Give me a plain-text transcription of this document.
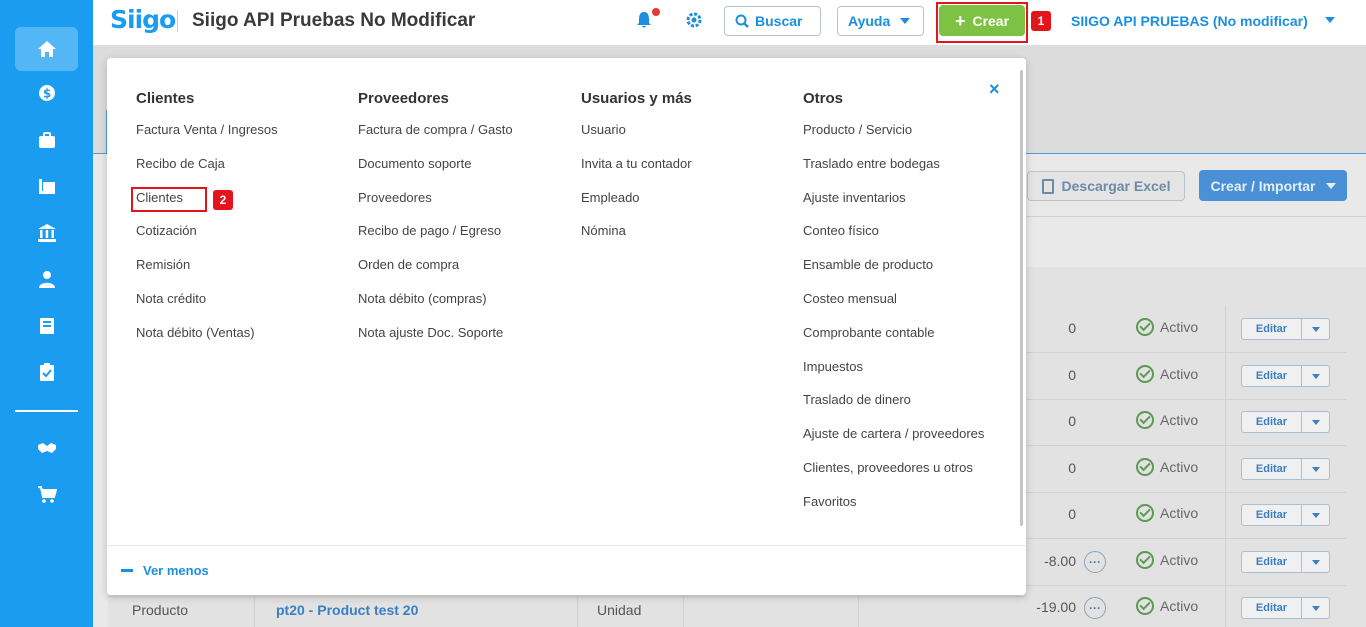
$
Siigo Siigo API Pruebas No Modificar	Buscar	Ayuda	+ Crear	1	SIIGO API PRUEBAS (No modificar)
Descargar Excel	Crear / Importar
0	Activo	Editar
0	Activo	Editar
0	Activo	Editar
0	Activo	Editar
0	Activo	Editar
-8.00	···	Activo	Editar
-19.00	···	Activo	Editar
Producto	pt20 - Product test 20	Unidad
×
Clientes
Factura Venta / Ingresos
Recibo de Caja
Clientes
Cotización
Remisión
Nota crédito
Nota débito (Ventas)
Proveedores
Factura de compra / Gasto
Documento soporte
Proveedores
Recibo de pago / Egreso
Orden de compra
Nota débito (compras)
Nota ajuste Doc. Soporte
Usuarios y más
Usuario
Invita a tu contador
Empleado
Nómina
Otros
Producto / Servicio
Traslado entre bodegas
Ajuste inventarios
Conteo físico
Ensamble de producto
Costeo mensual
Comprobante contable
Impuestos
Traslado de dinero
Ajuste de cartera / proveedores
Clientes, proveedores u otros
Favoritos
2
Ver menos
